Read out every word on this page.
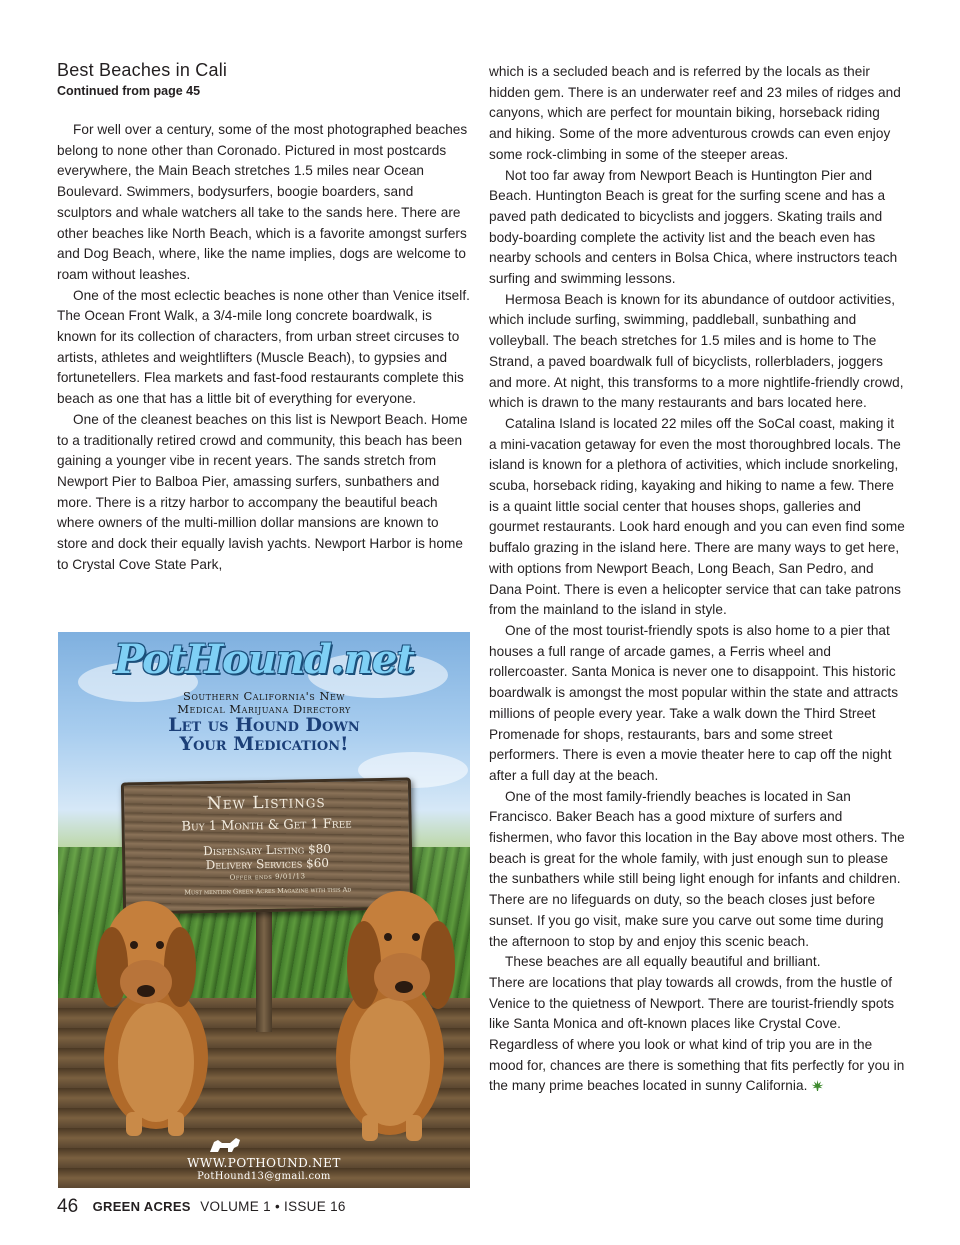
Best Beaches in Cali
Continued from page 45

For well over a century, some of the most photographed beaches belong to none other than Coronado. Pictured in most postcards everywhere, the Main Beach stretches 1.5 miles near Ocean Boulevard. Swimmers, bodysurfers, boogie boarders, sand sculptors and whale watchers all take to the sands here. There are other beaches like North Beach, which is a favorite amongst surfers and Dog Beach, where, like the name implies, dogs are welcome to roam without leashes.

One of the most eclectic beaches is none other than Venice itself. The Ocean Front Walk, a 3/4-mile long concrete boardwalk, is known for its collection of characters, from urban street circuses to artists, athletes and weightlifters (Muscle Beach), to gypsies and fortunetellers. Flea markets and fast-food restaurants complete this beach as one that has a little bit of everything for everyone.

One of the cleanest beaches on this list is Newport Beach. Home to a traditionally retired crowd and community, this beach has been gaining a younger vibe in recent years. The sands stretch from Newport Pier to Balboa Pier, amassing surfers, sunbathers and more. There is a ritzy harbor to accompany the beautiful beach where owners of the multi-million dollar mansions are known to store and dock their equally lavish yachts. Newport Harbor is home to Crystal Cove State Park,

PotHound.net
Southern California's New
Medical Marijuana Directory
Let us Hound Down
Your Medication!
New Listings
Buy 1 Month & Get 1 Free
Dispensary Listing $80
Delivery Services $60
Offer ends 9/01/13
Must mention Green Acres Magazine with this Ad
WWW.POTHOUND.NET
PotHound13@gmail.com

which is a secluded beach and is referred by the locals as their hidden gem. There is an underwater reef and 23 miles of ridges and canyons, which are perfect for mountain biking, horseback riding and hiking. Some of the more adventurous crowds can even enjoy some rock-climbing in some of the steeper areas.

Not too far away from Newport Beach is Huntington Pier and Beach. Huntington Beach is great for the surfing scene and has a paved path dedicated to bicyclists and joggers. Skating trails and body-boarding complete the activity list and the beach even has nearby schools and centers in Bolsa Chica, where instructors teach surfing and swimming lessons.

Hermosa Beach is known for its abundance of outdoor activities, which include surfing, swimming, paddleball, sunbathing and volleyball. The beach stretches for 1.5 miles and is home to The Strand, a paved boardwalk full of bicyclists, rollerbladers, joggers and more. At night, this transforms to a more nightlife-friendly crowd, which is drawn to the many restaurants and bars located here.

Catalina Island is located 22 miles off the SoCal coast, making it a mini-vacation getaway for even the most thoroughbred locals. The island is known for a plethora of activities, which include snorkeling, scuba, horseback riding, kayaking and hiking to name a few. There is a quaint little social center that houses shops, galleries and gourmet restaurants. Look hard enough and you can even find some buffalo grazing in the island here. There are many ways to get here, with options from Newport Beach, Long Beach, San Pedro, and Dana Point. There is even a helicopter service that can take patrons from the mainland to the island in style.

One of the most tourist-friendly spots is also home to a pier that houses a full range of arcade games, a Ferris wheel and rollercoaster. Santa Monica is never one to disappoint. This historic boardwalk is amongst the most popular within the state and attracts millions of people every year. Take a walk down the Third Street Promenade for shops, restaurants, bars and some street performers. There is even a movie theater here to cap off the night after a full day at the beach.

One of the most family-friendly beaches is located in San Francisco. Baker Beach has a good mixture of surfers and fishermen, who favor this location in the Bay above most others. The beach is great for the whole family, with just enough sun to please the sunbathers while still being light enough for infants and children. There are no lifeguards on duty, so the beach closes just before sunset. If you go visit, make sure you carve out some time during the afternoon to stop by and enjoy this scenic beach.

These beaches are all equally beautiful and brilliant.

There are locations that play towards all crowds, from the hustle of Venice to the quietness of Newport. There are tourist-friendly spots like Santa Monica and oft-known places like Crystal Cove. Regardless of where you look or what kind of trip you are in the mood for, chances are there is something that fits perfectly for you in the many prime beaches located in sunny California.

46 GREEN ACRES VOLUME 1 • ISSUE 16
